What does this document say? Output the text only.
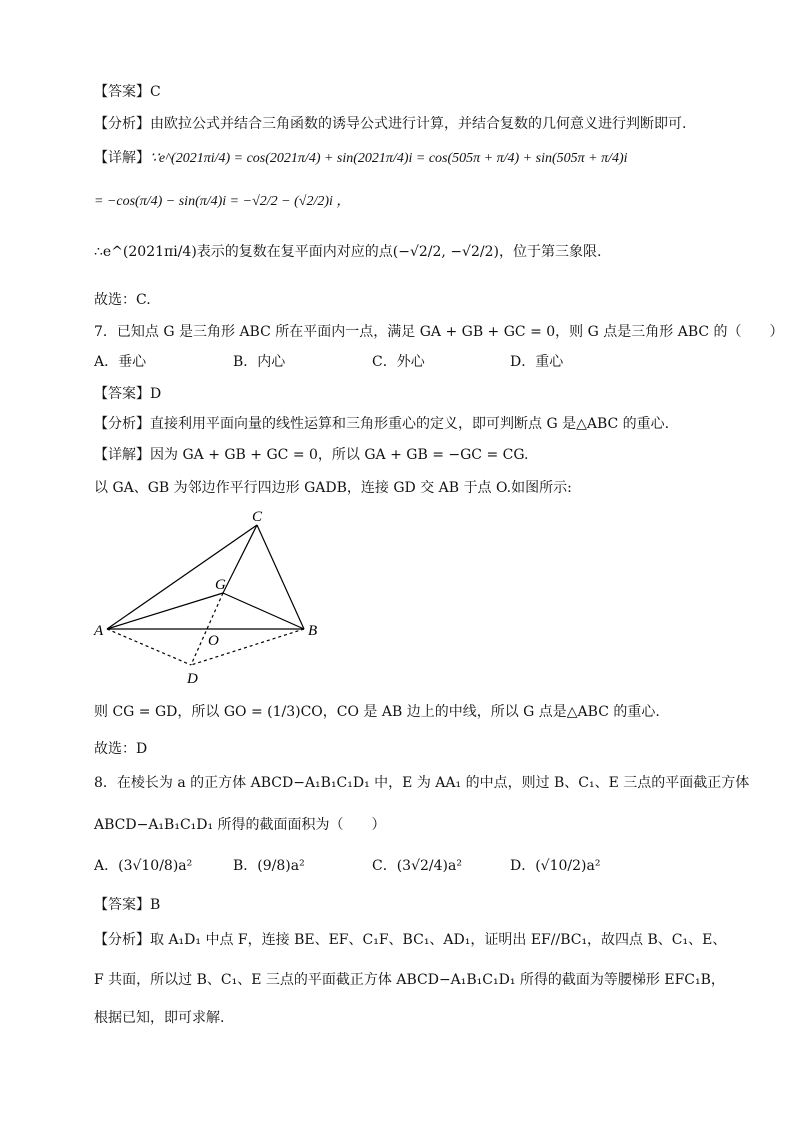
【答案】C
【分析】由欧拉公式并结合三角函数的诱导公式进行计算，并结合复数的几何意义进行判断即可.
【详解】∵e^(2021πi/4) = cos(2021π/4) + sin(2021π/4)i = cos(505π + π/4) + sin(505π + π/4)i
= −cos(π/4) − sin(π/4)i = −√2/2 − (√2/2)i ，
∴e^(2021πi/4)表示的复数在复平面内对应的点(−√2/2, −√2/2)，位于第三象限.
故选：C.
7．已知点 G 是三角形 ABC 所在平面内一点，满足 GA + GB + GC = 0，则 G 点是三角形 ABC 的（　　）
A．垂心	B．内心	C．外心	D．重心
【答案】D
【分析】直接利用平面向量的线性运算和三角形重心的定义，即可判断点 G 是△ABC 的重心.
【详解】因为 GA + GB + GC = 0，所以 GA + GB = −GC = CG.
以 GA、GB 为邻边作平行四边形 GADB，连接 GD 交 AB 于点 O.如图所示:
C
G
A	B
O
D
则 CG = GD，所以 GO = (1/3)CO，CO 是 AB 边上的中线，所以 G 点是△ABC 的重心.
故选：D
8．在棱长为 a 的正方体 ABCD−A₁B₁C₁D₁ 中，E 为 AA₁ 的中点，则过 B、C₁、E 三点的平面截正方体
ABCD−A₁B₁C₁D₁ 所得的截面面积为（　　）
A．(3√10/8)a²	B．(9/8)a²	C．(3√2/4)a²	D．(√10/2)a²
【答案】B
【分析】取 A₁D₁ 中点 F，连接 BE、EF、C₁F、BC₁、AD₁，证明出 EF//BC₁，故四点 B、C₁、E、
F 共面，所以过 B、C₁、E 三点的平面截正方体 ABCD−A₁B₁C₁D₁ 所得的截面为等腰梯形 EFC₁B，
根据已知，即可求解.
